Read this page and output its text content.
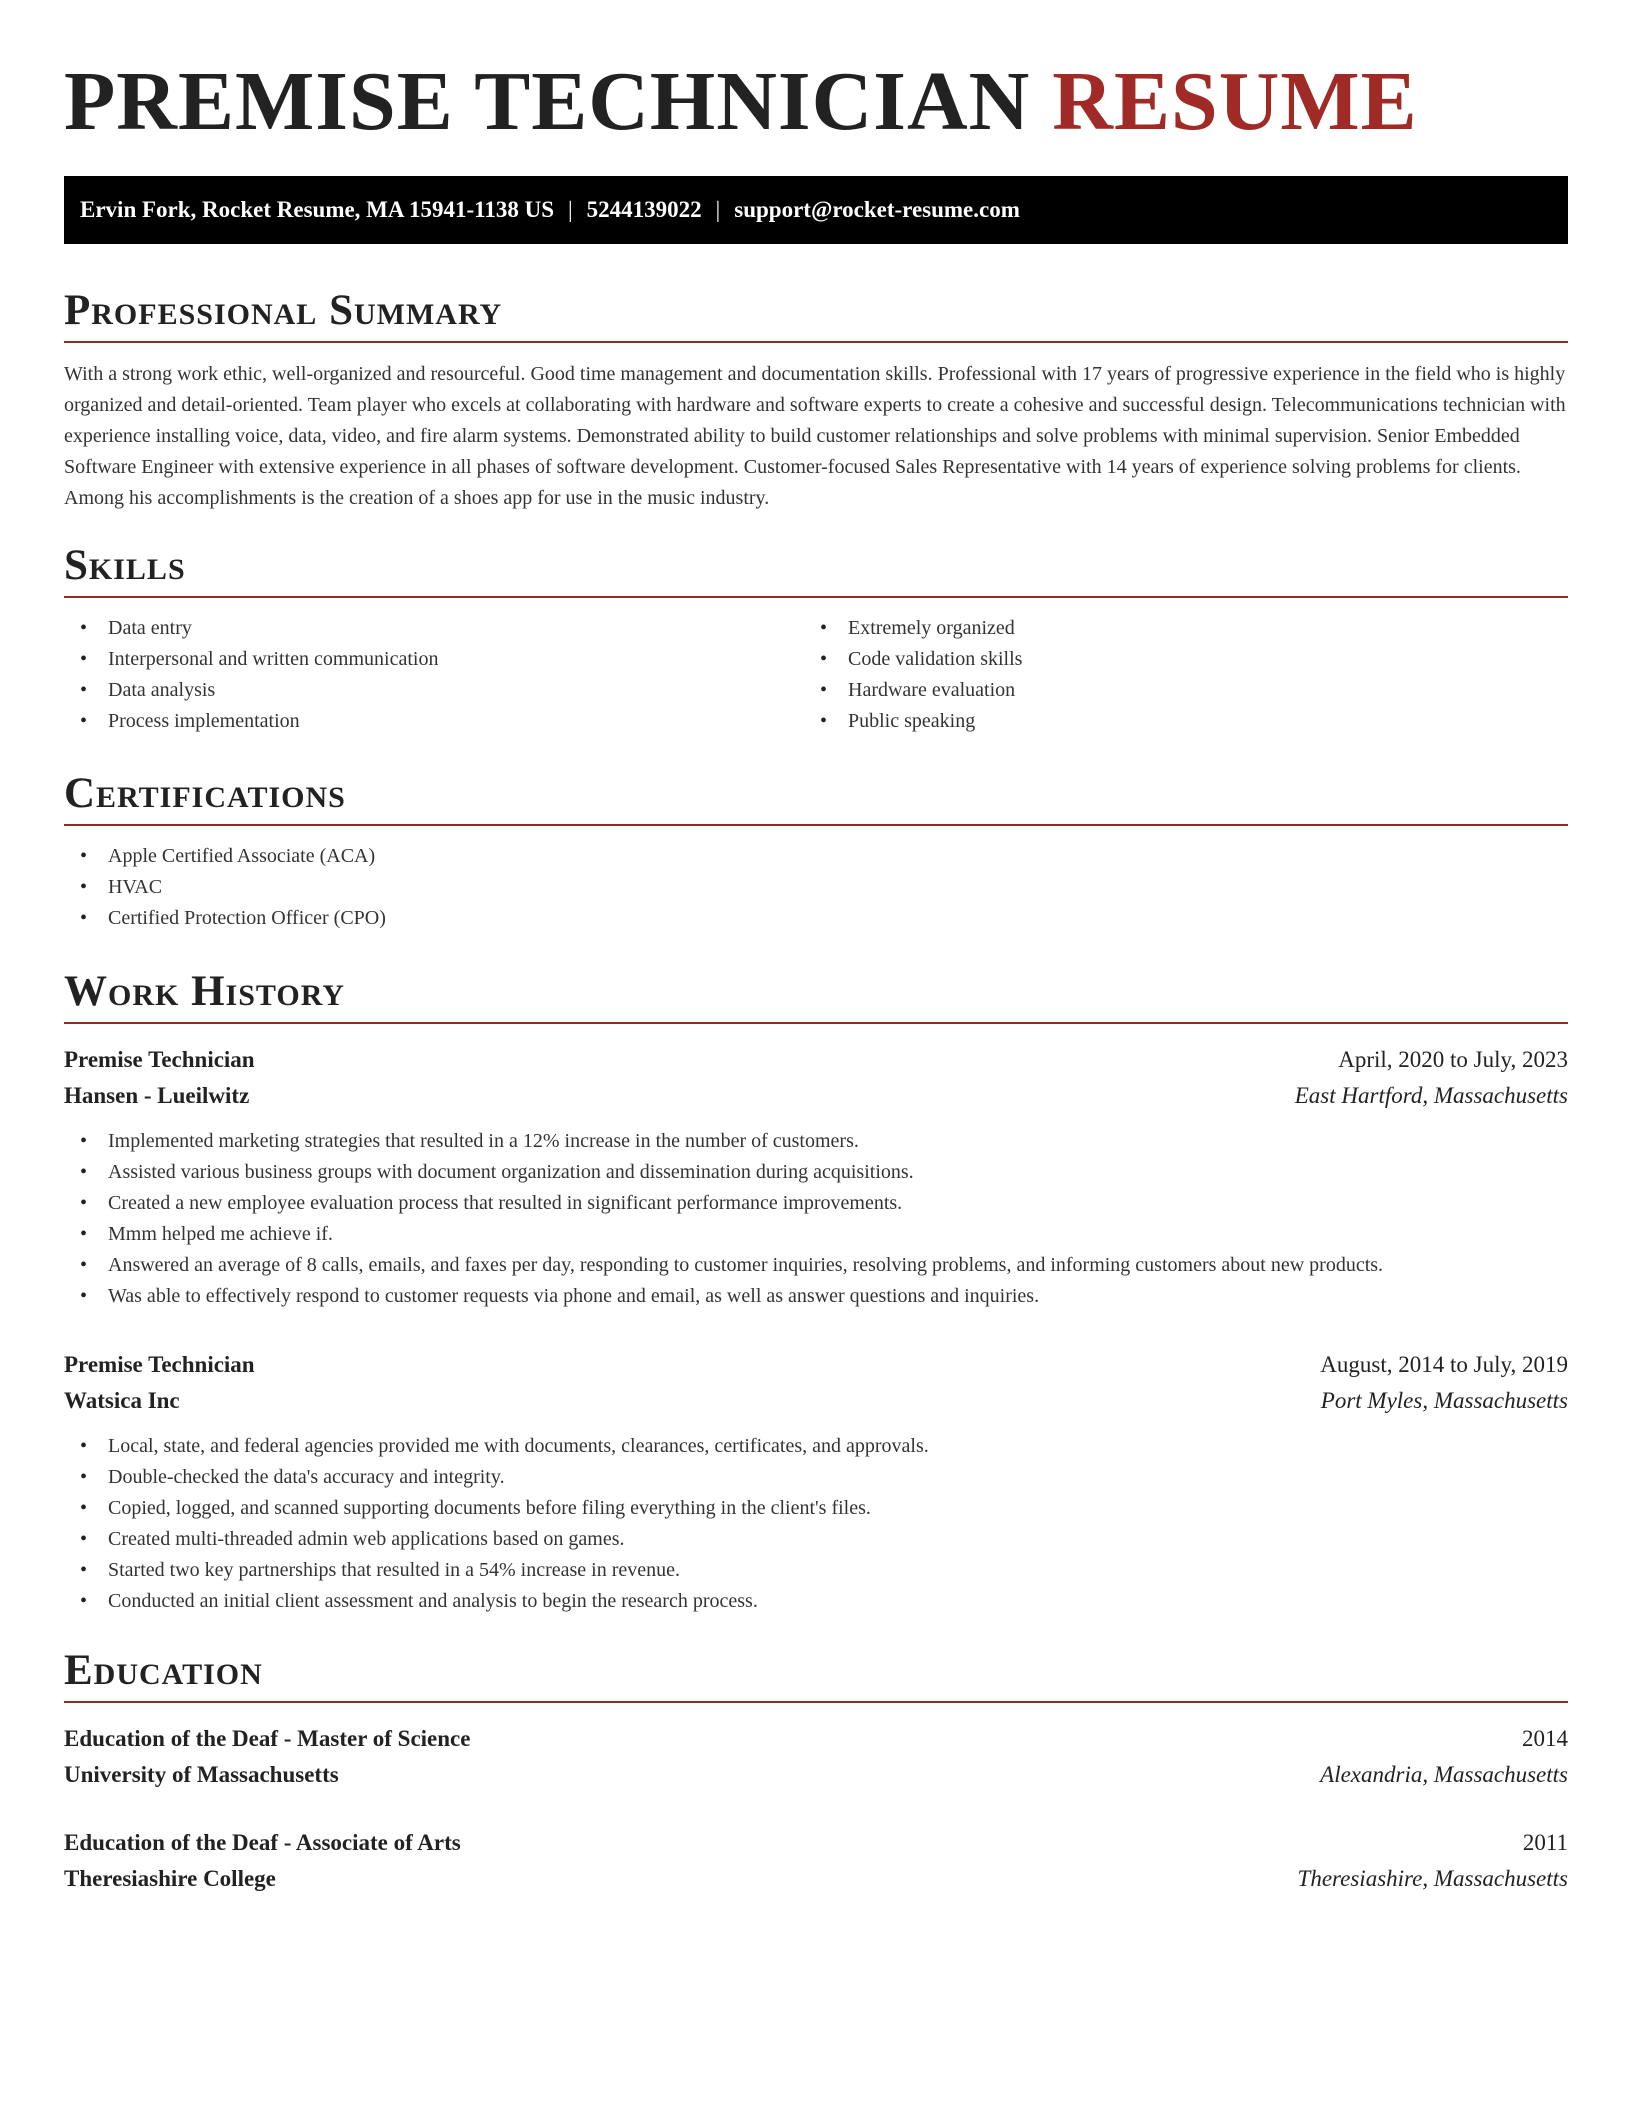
PREMISE TECHNICIAN RESUME
Ervin Fork, Rocket Resume, MA 15941-1138 US | 5244139022 | support@rocket-resume.com
Professional Summary

With a strong work ethic, well-organized and resourceful. Good time management and documentation skills. Professional with 17 years of progressive experience in the field who is highly organized and detail-oriented. Team player who excels at collaborating with hardware and software experts to create a cohesive and successful design. Telecommunications technician with experience installing voice, data, video, and fire alarm systems. Demonstrated ability to build customer relationships and solve problems with minimal supervision. Senior Embedded Software Engineer with extensive experience in all phases of software development. Customer-focused Sales Representative with 14 years of experience solving problems for clients. Among his accomplishments is the creation of a shoes app for use in the music industry.

Skills
• Data entry
• Interpersonal and written communication
• Data analysis
• Process implementation
• Extremely organized
• Code validation skills
• Hardware evaluation
• Public speaking
Certifications
• Apple Certified Associate (ACA)
• HVAC
• Certified Protection Officer (CPO)
Work History
Premise Technician	April, 2020 to July, 2023
Hansen - Lueilwitz	East Hartford, Massachusetts
• Implemented marketing strategies that resulted in a 12% increase in the number of customers.
• Assisted various business groups with document organization and dissemination during acquisitions.
• Created a new employee evaluation process that resulted in significant performance improvements.
• Mmm helped me achieve if.
• Answered an average of 8 calls, emails, and faxes per day, responding to customer inquiries, resolving problems, and informing customers about new products.
• Was able to effectively respond to customer requests via phone and email, as well as answer questions and inquiries.
Premise Technician	August, 2014 to July, 2019
Watsica Inc	Port Myles, Massachusetts
• Local, state, and federal agencies provided me with documents, clearances, certificates, and approvals.
• Double-checked the data's accuracy and integrity.
• Copied, logged, and scanned supporting documents before filing everything in the client's files.
• Created multi-threaded admin web applications based on games.
• Started two key partnerships that resulted in a 54% increase in revenue.
• Conducted an initial client assessment and analysis to begin the research process.
Education
Education of the Deaf - Master of Science	2014
University of Massachusetts	Alexandria, Massachusetts
Education of the Deaf - Associate of Arts	2011
Theresiashire College	Theresiashire, Massachusetts
